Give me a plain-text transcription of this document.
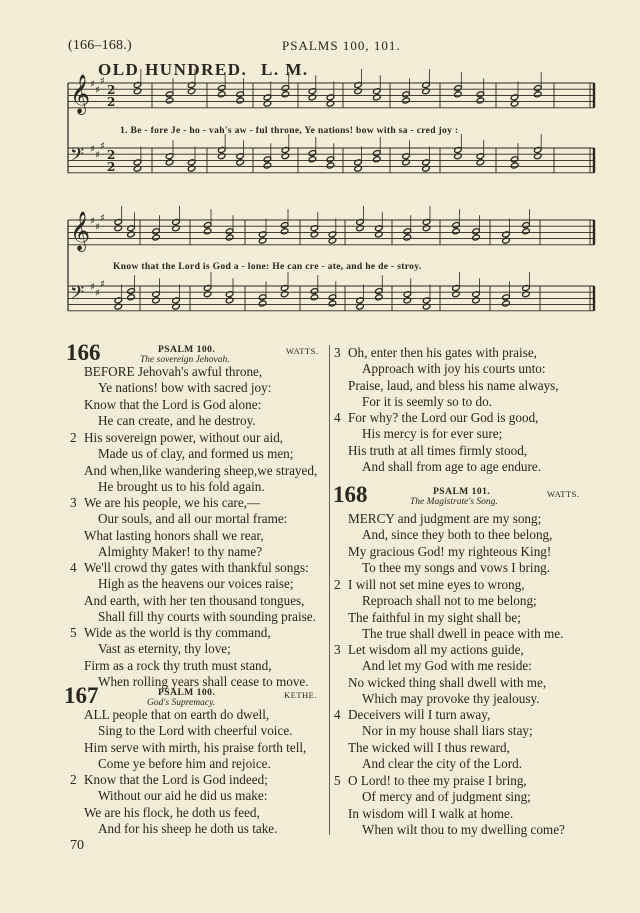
(166–168.)	PSALMS 100, 101.
OLD HUNDRED. L. M.
𝄞 ♯
♯
♯
2
2
𝄢 ♯
♯
♯
2
2
𝄞 ♯
♯
♯
𝄢 ♯
♯
♯
1. Be - fore Je - ho - vah's aw - ful throne, Ye nations! bow with sa - cred joy :
Know that the Lord is God a - lone: He can cre - ate, and he de - stroy.
166	PSALM 100.
The sovereign Jehovah.
WATTS.
BEFORE Jehovah's awful throne,
Ye nations! bow with sacred joy:
Know that the Lord is God alone:
He can create, and he destroy.
2 His sovereign power, without our aid,
Made us of clay, and formed us men;
And when,like wandering sheep,we strayed,
He brought us to his fold again.
3 We are his people, we his care,—
Our souls, and all our mortal frame:
What lasting honors shall we rear,
Almighty Maker! to thy name?
4 We'll crowd thy gates with thankful songs:
High as the heavens our voices raise;
And earth, with her ten thousand tongues,
Shall fill thy courts with sounding praise.
5 Wide as the world is thy command,
Vast as eternity, thy love;
Firm as a rock thy truth must stand,
When rolling years shall cease to move.
167	PSALM 100.
God's Supremacy.
KETHE.
ALL people that on earth do dwell,
Sing to the Lord with cheerful voice.
Him serve with mirth, his praise forth tell,
Come ye before him and rejoice.
2 Know that the Lord is God indeed;
Without our aid he did us make:
We are his flock, he doth us feed,
And for his sheep he doth us take.
3 Oh, enter then his gates with praise,
Approach with joy his courts unto:
Praise, laud, and bless his name always,
For it is seemly so to do.
4 For why? the Lord our God is good,
His mercy is for ever sure;
His truth at all times firmly stood,
And shall from age to age endure.
168	PSALM 101.
The Magistrate's Song.
WATTS.
MERCY and judgment are my song;
And, since they both to thee belong,
My gracious God! my righteous King!
To thee my songs and vows I bring.
2 I will not set mine eyes to wrong,
Reproach shall not to me belong;
The faithful in my sight shall be;
The true shall dwell in peace with me.
3 Let wisdom all my actions guide,
And let my God with me reside:
No wicked thing shall dwell with me,
Which may provoke thy jealousy.
4 Deceivers will I turn away,
Nor in my house shall liars stay;
The wicked will I thus reward,
And clear the city of the Lord.
5 O Lord! to thee my praise I bring,
Of mercy and of judgment sing;
In wisdom will I walk at home.
When wilt thou to my dwelling come?
70
